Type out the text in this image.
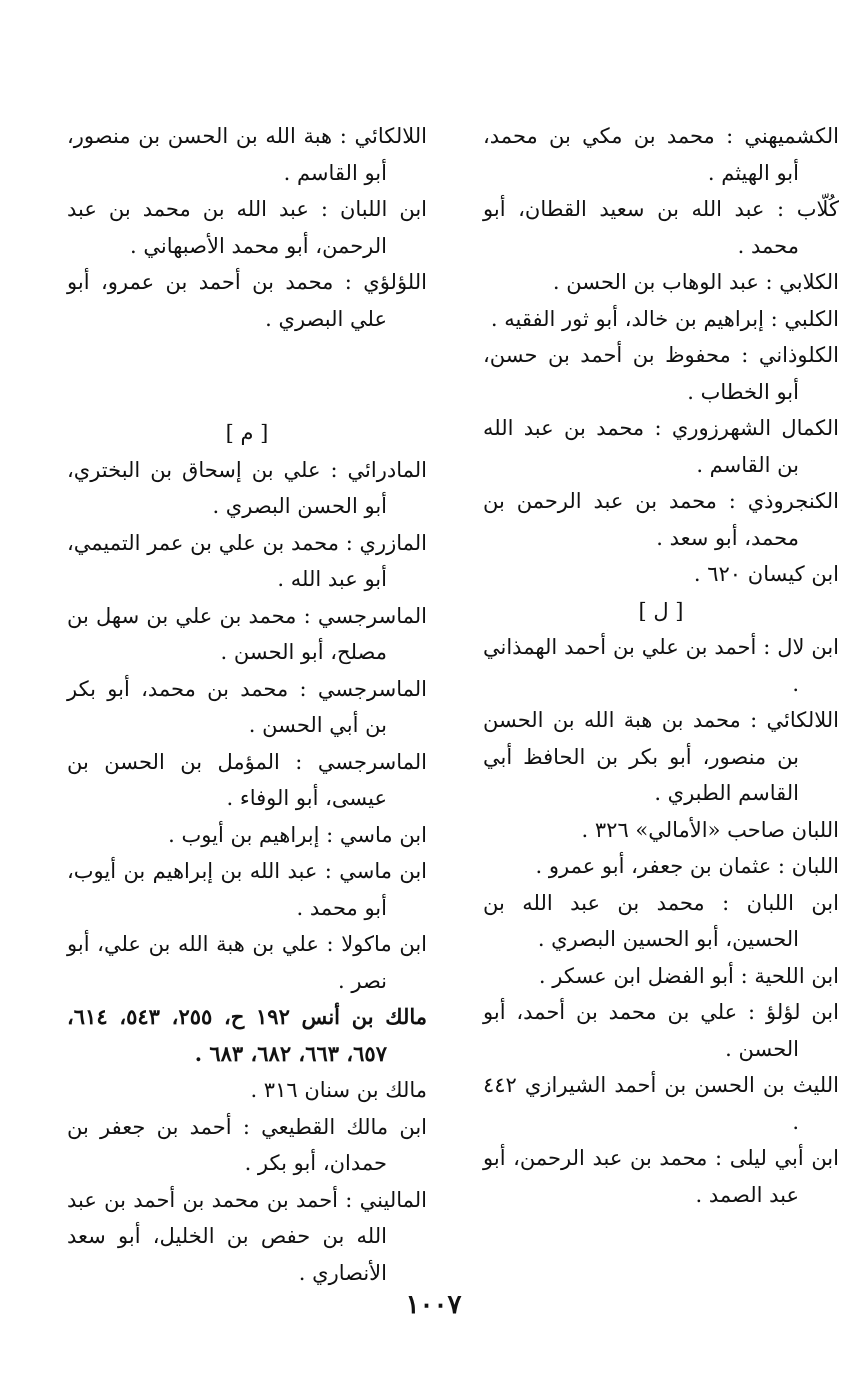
الكشميهني : محمد بن مكي بن محمد، أبو الهيثم .

كُلّاب : عبد الله بن سعيد القطان، أبو محمد .

الكلابي : عبد الوهاب بن الحسن .

الكلبي : إبراهيم بن خالد، أبو ثور الفقيه .

الكلوذاني : محفوظ بن أحمد بن حسن، أبو الخطاب .

الكمال الشهرزوري : محمد بن عبد الله بن القاسم .

الكنجروذي : محمد بن عبد الرحمن بن محمد، أبو سعد .

ابن كيسان ٦٢٠ .

[ ل ]

ابن لال : أحمد بن علي بن أحمد الهمذاني .

اللالكائي : محمد بن هبة الله بن الحسن بن منصور، أبو بكر بن الحافظ أبي القاسم الطبري .

اللبان صاحب «الأمالي» ٣٢٦ .

اللبان : عثمان بن جعفر، أبو عمرو .

ابن اللبان : محمد بن عبد الله بن الحسين، أبو الحسين البصري .

ابن اللحية : أبو الفضل ابن عسكر .

ابن لؤلؤ : علي بن محمد بن أحمد، أبو الحسن .

الليث بن الحسن بن أحمد الشيرازي ٤٤٢ .

ابن أبي ليلى : محمد بن عبد الرحمن، أبو عبد الصمد .

اللالكائي : هبة الله بن الحسن بن منصور، أبو القاسم .

ابن اللبان : عبد الله بن محمد بن عبد الرحمن، أبو محمد الأصبهاني .

اللؤلؤي : محمد بن أحمد بن عمرو، أبو علي البصري .

[ م ]

المادرائي : علي بن إسحاق بن البختري، أبو الحسن البصري .

المازري : محمد بن علي بن عمر التميمي، أبو عبد الله .

الماسرجسي : محمد بن علي بن سهل بن مصلح، أبو الحسن .

الماسرجسي : محمد بن محمد، أبو بكر بن أبي الحسن .

الماسرجسي : المؤمل بن الحسن بن عيسى، أبو الوفاء .

ابن ماسي : إبراهيم بن أيوب .

ابن ماسي : عبد الله بن إبراهيم بن أيوب، أبو محمد .

ابن ماكولا : علي بن هبة الله بن علي، أبو نصر .

مالك بن أنس ١٩٢ ح، ٢٥٥، ٥٤٣، ٦١٤، ٦٥٧، ٦٦٣، ٦٨٢، ٦٨٣ .

مالك بن سنان ٣١٦ .

ابن مالك القطيعي : أحمد بن جعفر بن حمدان، أبو بكر .

الماليني : أحمد بن محمد بن أحمد بن عبد الله بن حفص بن الخليل، أبو سعد الأنصاري .

١٠٠٧
